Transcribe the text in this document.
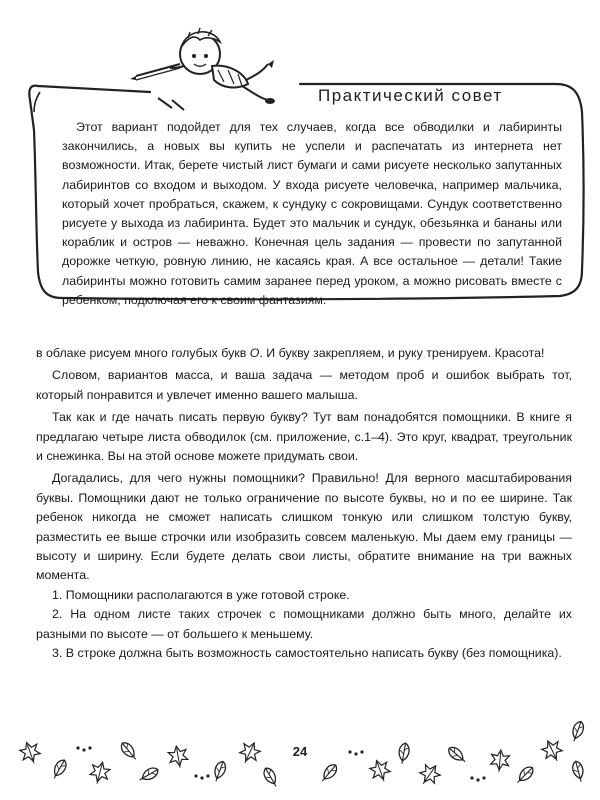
Практический совет
Этот вариант подойдет для тех случаев, когда все обводилки и лабиринты закончились, а новых вы купить не успели и распечатать из интернета нет возможности. Итак, берете чистый лист бумаги и сами рисуете несколько запутанных лабиринтов со входом и выходом. У входа рисуете человечка, например мальчика, который хочет пробраться, скажем, к сундуку с сокровищами. Сундук соответственно рисуете у выхода из лабиринта. Будет это мальчик и сундук, обезьянка и бананы или кораблик и остров — неважно. Конечная цель задания — провести по запутанной дорожке четкую, ровную линию, не касаясь края. А все остальное — детали! Такие лабиринты можно готовить самим заранее перед уроком, а можно рисовать вместе с ребенком, подключая его к своим фантазиям.

в облаке рисуем много голубых букв О. И букву закрепляем, и руку тренируем. Красота!

Словом, вариантов масса, и ваша задача — методом проб и ошибок выбрать тот, который понравится и увлечет именно вашего малыша.

Так как и где начать писать первую букву? Тут вам понадобятся помощники. В книге я предлагаю четыре листа обводилок (см. приложение, с.1–4). Это круг, квадрат, треугольник и снежинка. Вы на этой основе можете придумать свои.

Догадались, для чего нужны помощники? Правильно! Для верного масштабирования буквы. Помощники дают не только ограничение по высоте буквы, но и по ее ширине. Так ребенок никогда не сможет написать слишком тонкую или слишком толстую букву, разместить ее выше строчки или изобразить совсем маленькую. Мы даем ему границы — высоту и ширину. Если будете делать свои листы, обратите внимание на три важных момента.

1. Помощники располагаются в уже готовой строке.

2. На одном листе таких строчек с помощниками должно быть много, делайте их разными по высоте — от большего к меньшему.

3. В строке должна быть возможность самостоятельно написать букву (без помощника).

24
